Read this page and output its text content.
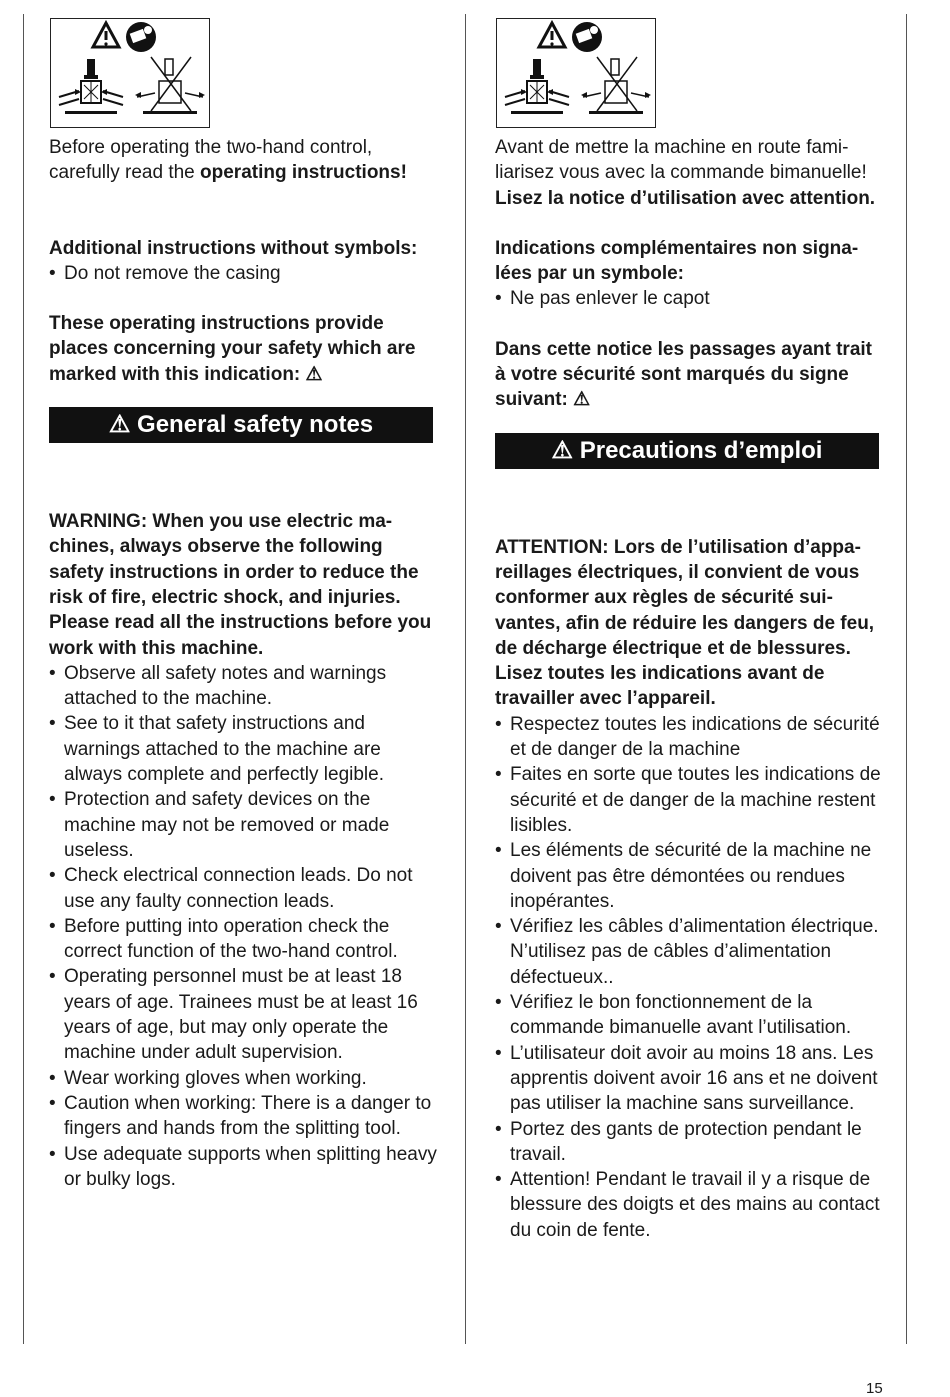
Before operating the two-hand control, carefully read the operating instructions!

Additional instructions without symbols:

• Do not remove the casing

These operating instructions provide places concerning your safety which are marked with this indication: ⚠

⚠ General safety notes

WARNING: When you use electric machines, always observe the following safety instructions in order to reduce the risk of fire, electric shock, and injuries.

Please read all the instructions before you work with this machine.

• Observe all safety notes and warnings attached to the machine.
• See to it that safety instructions and warnings attached to the machine are always complete and perfectly legible.
• Protection and safety devices on the machine may not be removed or made useless.
• Check electrical connection leads. Do not use any faulty connection leads.
• Before putting into operation check the correct function of the two-hand control.
• Operating personnel must be at least 18 years of age. Trainees must be at least 16 years of age, but may only operate the machine under adult supervision.
• Wear working gloves when working.
• Caution when working: There is a danger to fingers and hands from the splitting tool.
• Use adequate supports when splitting heavy or bulky logs.

Avant de mettre la machine en route familiarisez vous avec la commande bimanuelle! Lisez la notice d’utilisation avec attention.

Indications complémentaires non signalées par un symbole:

• Ne pas enlever le capot

Dans cette notice les passages ayant trait à votre sécurité sont marqués du signe suivant: ⚠

⚠ Precautions d’emploi

ATTENTION: Lors de l’utilisation d’appareillages électriques, il convient de vous conformer aux règles de sécurité suivantes, afin de réduire les dangers de feu, de décharge électrique et de blessures.

Lisez toutes les indications avant de travailler avec l’appareil.

• Respectez toutes les indications de sécurité et de danger de la machine
• Faites en sorte que toutes les indications de sécurité et de danger de la machine restent lisibles.
• Les éléments de sécurité de la machine ne doivent pas être démontées ou rendues inopérantes.
• Vérifiez les câbles d’alimentation électrique. N’utilisez pas de câbles d’alimentation défectueux..
• Vérifiez le bon fonctionnement de la commande bimanuelle avant l’utilisation.
• L’utilisateur doit avoir au moins 18 ans. Les apprentis doivent avoir 16 ans et ne doivent pas utiliser la machine sans surveillance.
• Portez des gants de protection pendant le travail.
• Attention! Pendant le travail il y a risque de blessure des doigts et des mains au contact du coin de fente.
15
